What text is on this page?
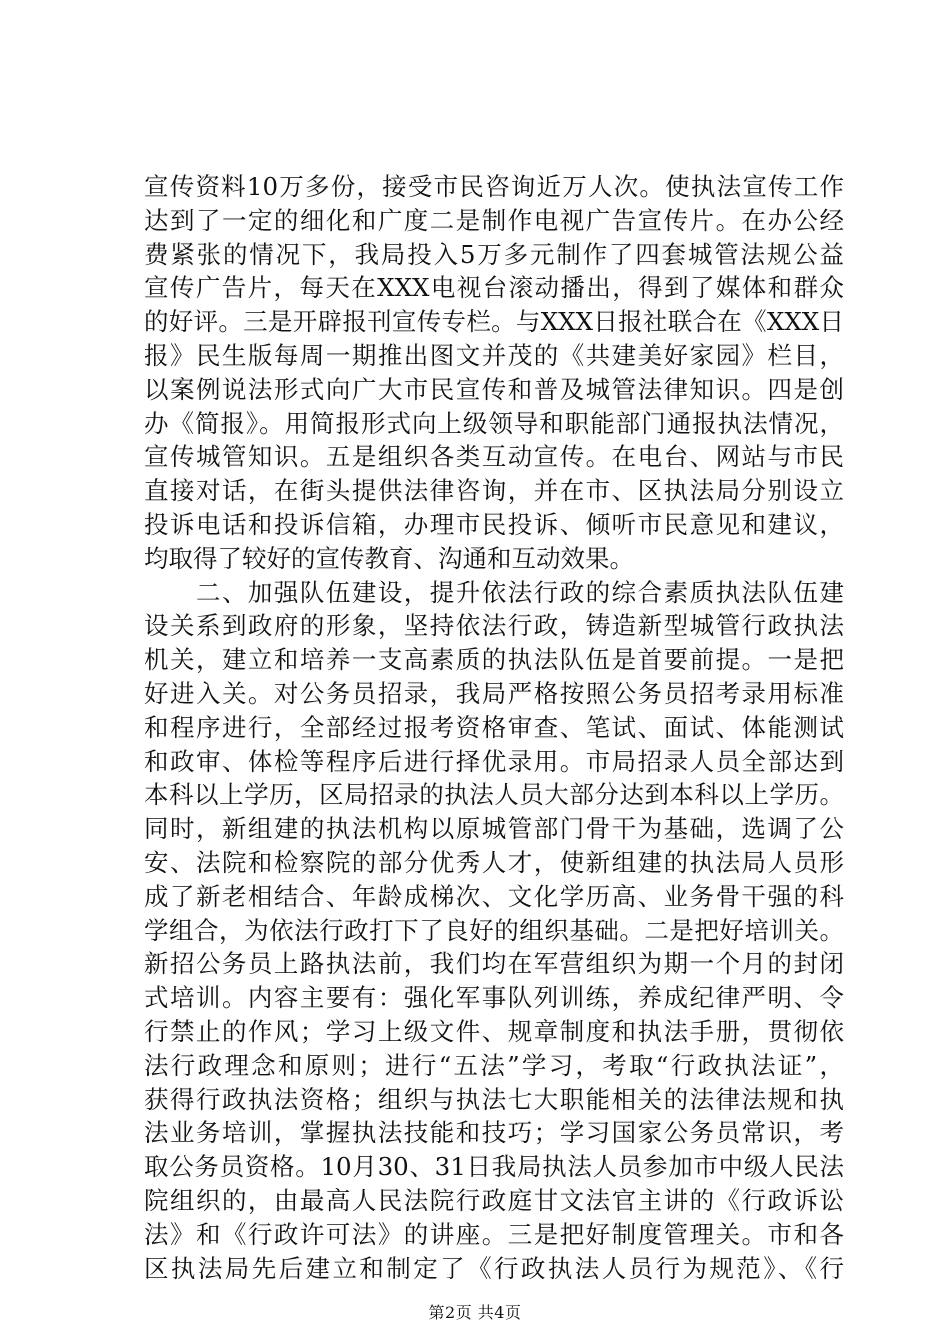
宣传资料10万多份，接受市民咨询近万人次。使执法宣传工作
达到了一定的细化和广度二是制作电视广告宣传片。在办公经
费紧张的情况下，我局投入5万多元制作了四套城管法规公益
宣传广告片，每天在XXX电视台滚动播出，得到了媒体和群众
的好评。三是开辟报刊宣传专栏。与XXX日报社联合在《XXX日
报》民生版每周一期推出图文并茂的《共建美好家园》栏目，
以案例说法形式向广大市民宣传和普及城管法律知识。四是创
办《简报》。用简报形式向上级领导和职能部门通报执法情况，
宣传城管知识。五是组织各类互动宣传。在电台、网站与市民
直接对话，在街头提供法律咨询，并在市、区执法局分别设立
投诉电话和投诉信箱，办理市民投诉、倾听市民意见和建议，
均取得了较好的宣传教育、沟通和互动效果。
　　二、加强队伍建设，提升依法行政的综合素质执法队伍建
设关系到政府的形象，坚持依法行政，铸造新型城管行政执法
机关，建立和培养一支高素质的执法队伍是首要前提。一是把
好进入关。对公务员招录，我局严格按照公务员招考录用标准
和程序进行，全部经过报考资格审查、笔试、面试、体能测试
和政审、体检等程序后进行择优录用。市局招录人员全部达到
本科以上学历，区局招录的执法人员大部分达到本科以上学历。
同时，新组建的执法机构以原城管部门骨干为基础，选调了公
安、法院和检察院的部分优秀人才，使新组建的执法局人员形
成了新老相结合、年龄成梯次、文化学历高、业务骨干强的科
学组合，为依法行政打下了良好的组织基础。二是把好培训关。
新招公务员上路执法前，我们均在军营组织为期一个月的封闭
式培训。内容主要有：强化军事队列训练，养成纪律严明、令
行禁止的作风；学习上级文件、规章制度和执法手册，贯彻依
法行政理念和原则；进行“五法”学习，考取“行政执法证”，
获得行政执法资格；组织与执法七大职能相关的法律法规和执
法业务培训，掌握执法技能和技巧；学习国家公务员常识，考
取公务员资格。10月30、31日我局执法人员参加市中级人民法
院组织的，由最高人民法院行政庭甘文法官主讲的《行政诉讼
法》和《行政许可法》的讲座。三是把好制度管理关。市和各
区执法局先后建立和制定了《行政执法人员行为规范》、《行
第2页 共4页
